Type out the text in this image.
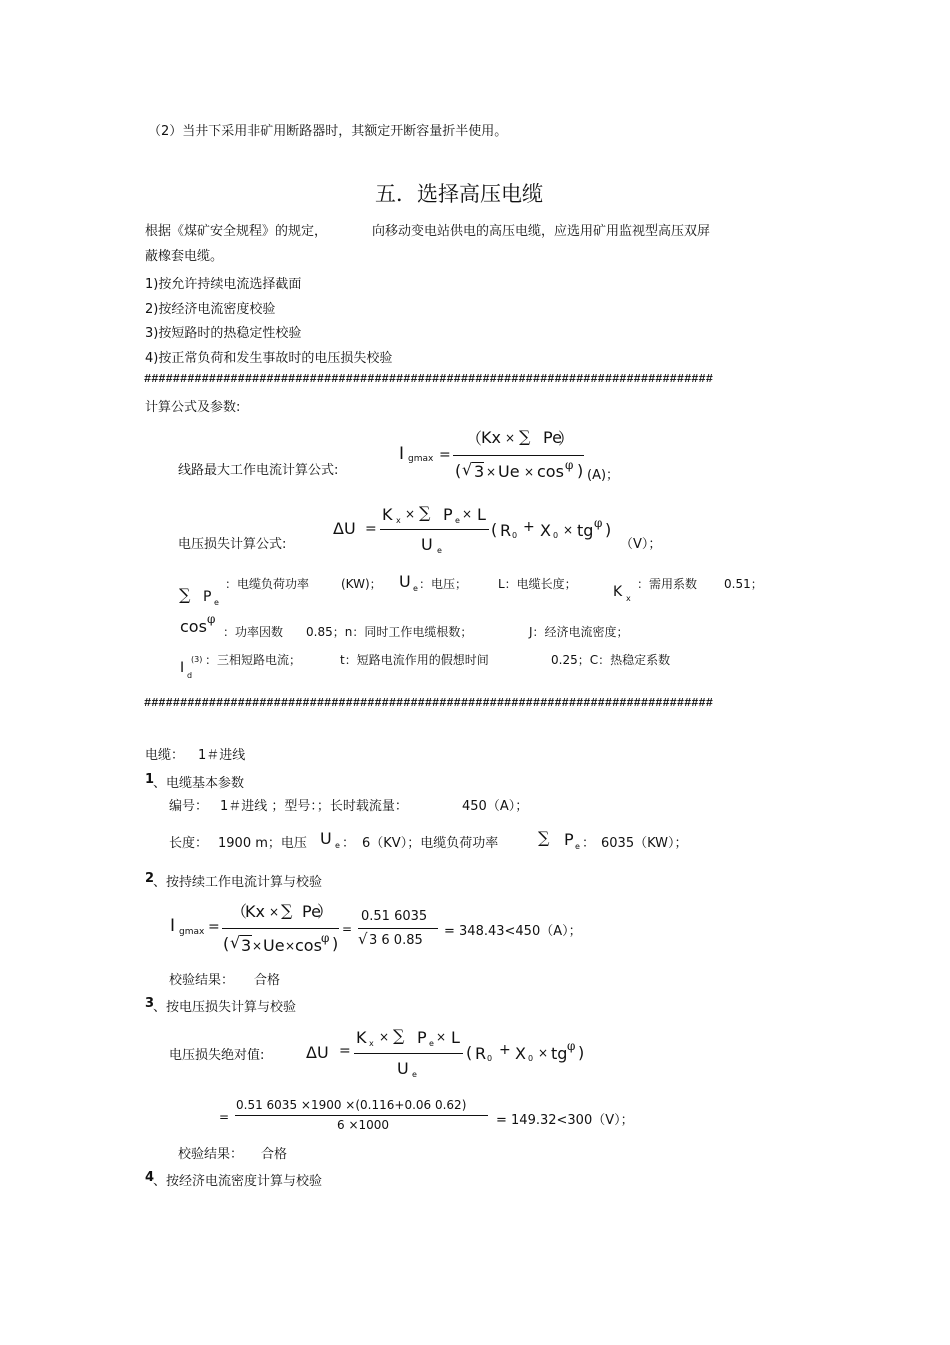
（2）当井下采用非矿用断路器时，其额定开断容量折半使用。
五．选择高压电缆
根据《煤矿安全规程》的规定，	向移动变电站供电的高压电缆，应选用矿用监视型高压双屏
蔽橡套电缆。
1)按允许持续电流选择截面
2)按经济电流密度校验
3)按短路时的热稳定性校验
4)按正常负荷和发生事故时的电压损失校验
###############################################################################
计算公式及参数:
线路最大工作电流计算公式:
I gmax =
（
Kx × ∑ Pe
）
( √ 3 × Ue × cos φ ) (A)；
电压损失计算公式:
ΔU =
K x × ∑ P e × L
U e
( R 0
+ X 0 × tg φ )
（V）；
∑ P e
：电缆负荷功率	(KW)； U e ：电压；	L：电缆长度；	K x
：需用系数 0.51；
cos φ
：功率因数 0.85；n：同时工作电缆根数；	J：经济电流密度；
I d
(3) ：三相短路电流；	t：短路电流作用的假想时间	0.25；C：热稳定系数
###############################################################################
电缆： 1＃进线
1
、电缆基本参数
编号： 1＃进线 ；型号：；长时载流量：	450（A）；
长度： 1900 m；电压 U e ： 6（KV）；电缆负荷功率 ∑ P e ： 6035（KW）；
2
、按持续工作电流计算与校验
I gmax =
（
Kx × ∑ Pe
）
( √ 3 × Ue × cos φ )
=
0.51 6035
√ 3 6 0.85
= 348.43<450（A）；
校验结果： 合格
3
、按电压损失计算与校验
电压损失绝对值:	ΔU =
K x × ∑ P e × L
U e
( R 0
+ X 0 × tg φ )
=
0.51 6035 ×1900 ×(0.116+0.06 0.62)
6 ×1000	= 149.32<300（V）；
校验结果： 合格
4
、按经济电流密度计算与校验
